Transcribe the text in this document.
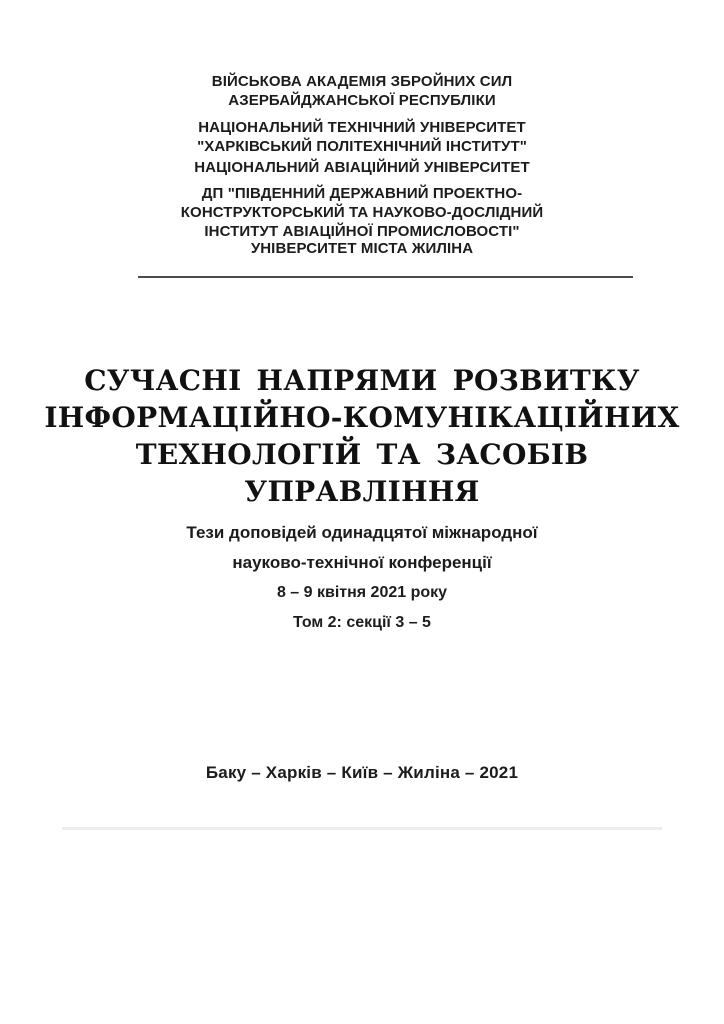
ВІЙСЬКОВА АКАДЕМІЯ ЗБРОЙНИХ СИЛ
АЗЕРБАЙДЖАНСЬКОЇ РЕСПУБЛІКИ
НАЦІОНАЛЬНИЙ ТЕХНІЧНИЙ УНІВЕРСИТЕТ
"ХАРКІВСЬКИЙ ПОЛІТЕХНІЧНИЙ ІНСТИТУТ"
НАЦІОНАЛЬНИЙ АВІАЦІЙНИЙ УНІВЕРСИТЕТ
ДП "ПІВДЕННИЙ ДЕРЖАВНИЙ ПРОЕКТНО-
КОНСТРУКТОРСЬКИЙ ТА НАУКОВО-ДОСЛІДНИЙ
ІНСТИТУТ АВІАЦІЙНОЇ ПРОМИСЛОВОСТІ"
УНІВЕРСИТЕТ МІСТА ЖИЛІНА
СУЧАСНІ НАПРЯМИ РОЗВИТКУ
ІНФОРМАЦІЙНО-КОМУНІКАЦІЙНИХ
ТЕХНОЛОГІЙ ТА ЗАСОБІВ
УПРАВЛІННЯ

Тези доповідей одинадцятої міжнародної

науково-технічної конференції

8 – 9 квітня 2021 року

Том 2: секції 3 – 5

Баку – Харків – Київ – Жиліна – 2021
